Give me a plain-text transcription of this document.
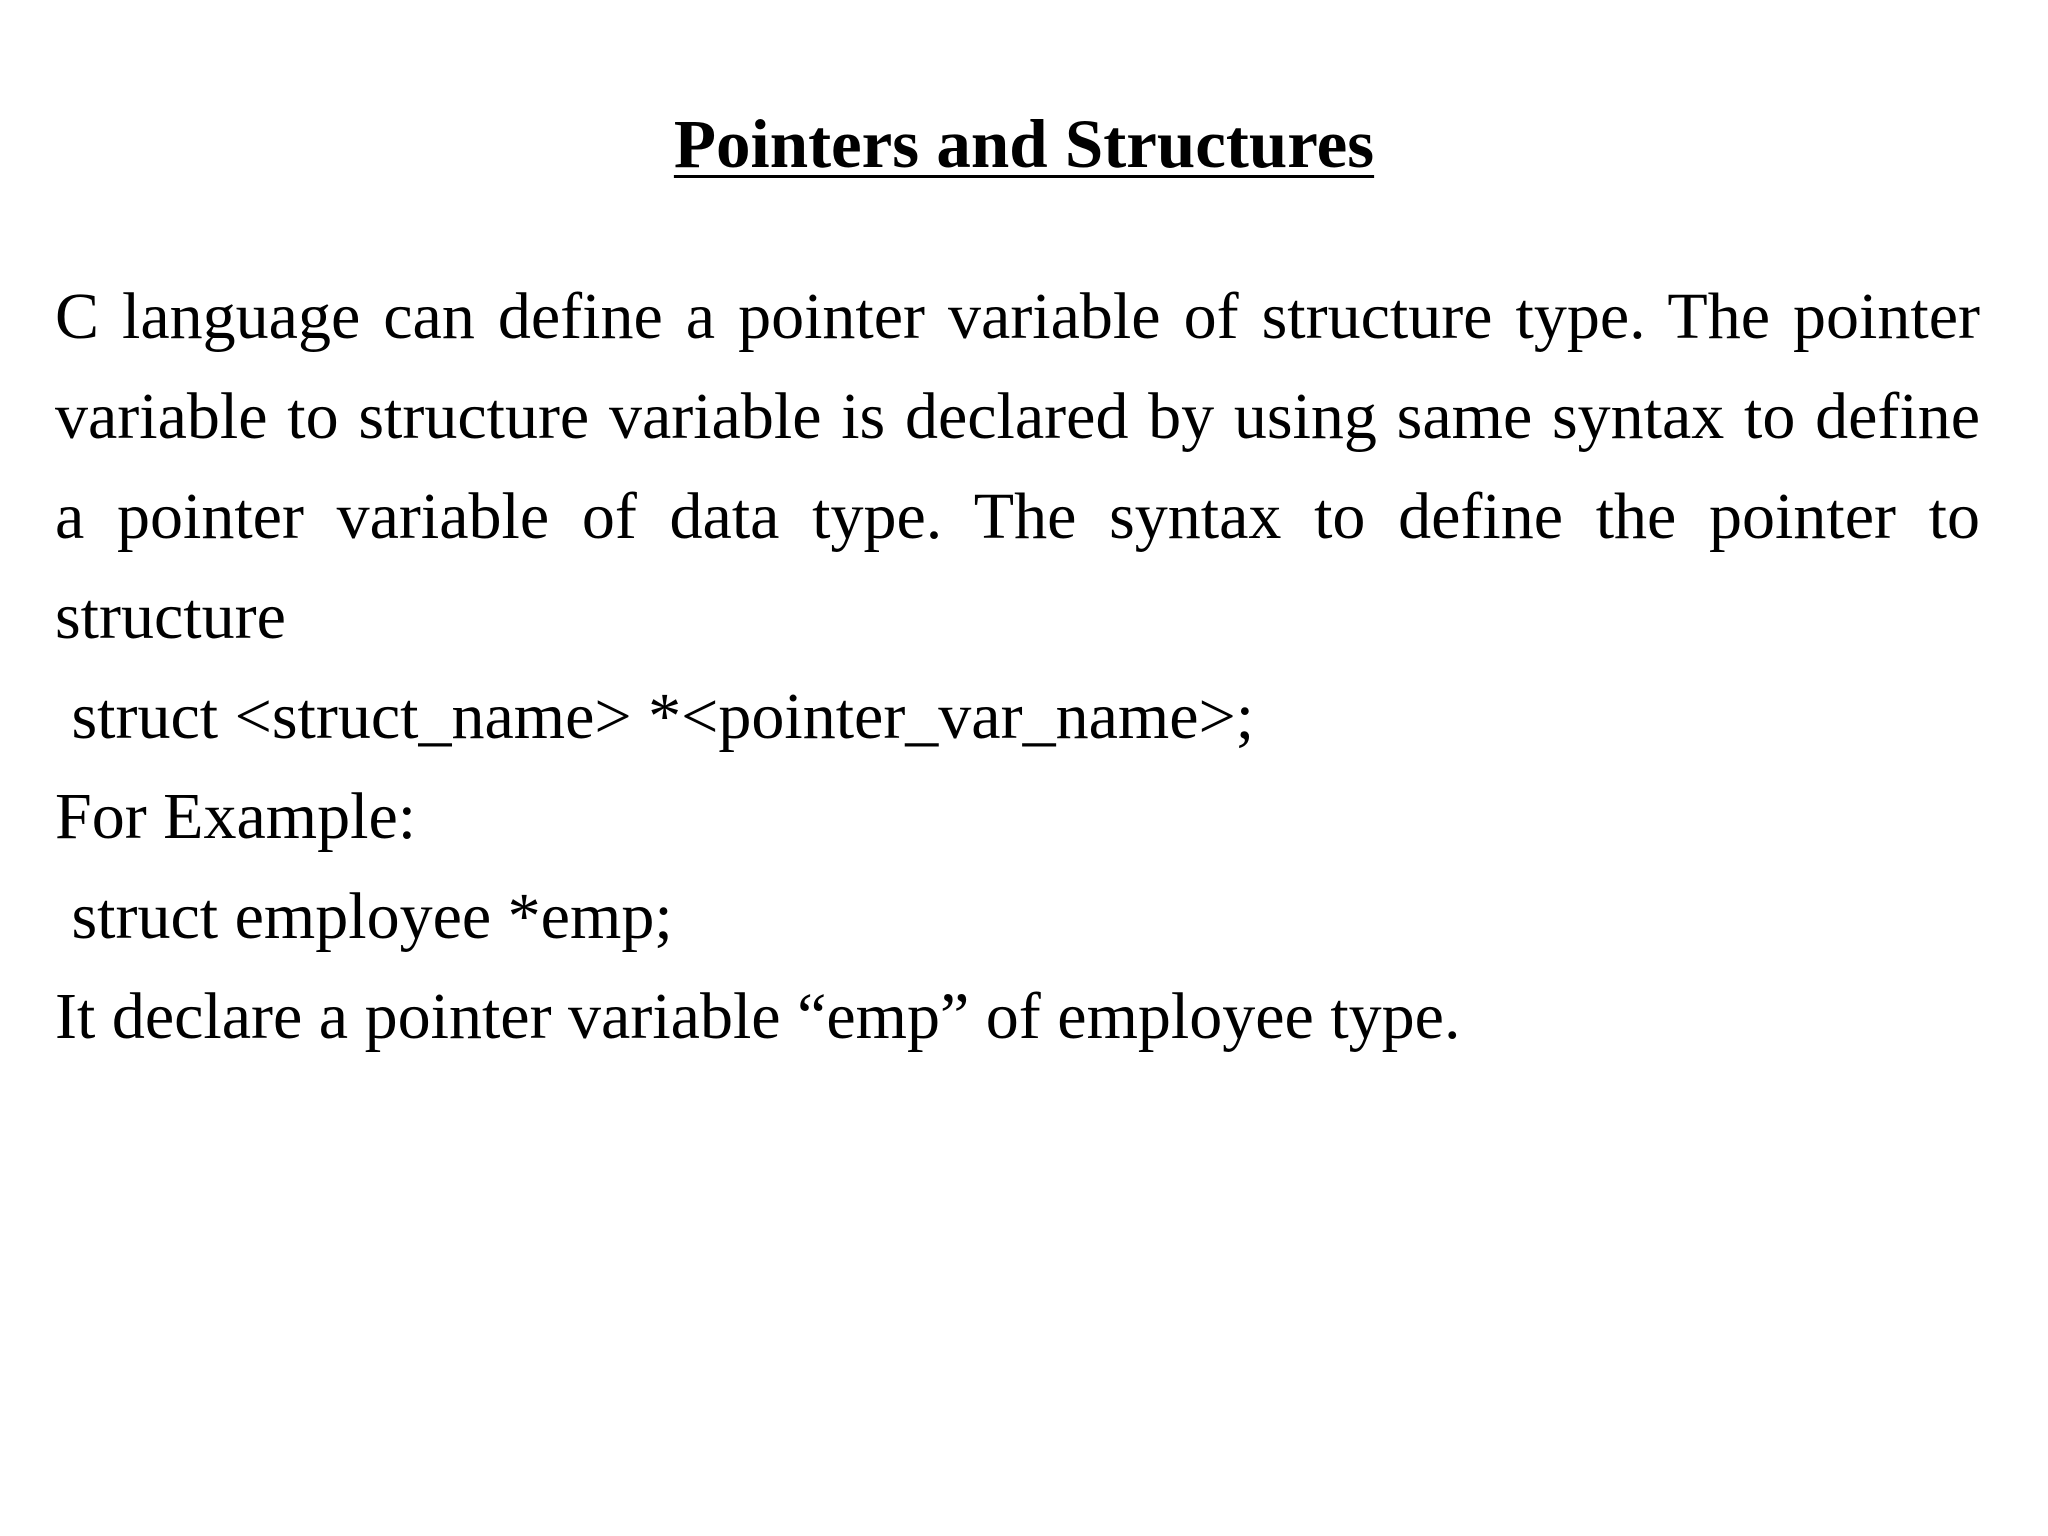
Pointers and Structures

C language can define a pointer variable of structure type. The pointer variable to structure variable is declared by using same syntax to define a pointer variable of data type. The syntax to define the pointer to structure

struct <struct_name> *<pointer_var_name>;

For Example:

struct employee *emp;

It declare a pointer variable “emp” of employee type.
